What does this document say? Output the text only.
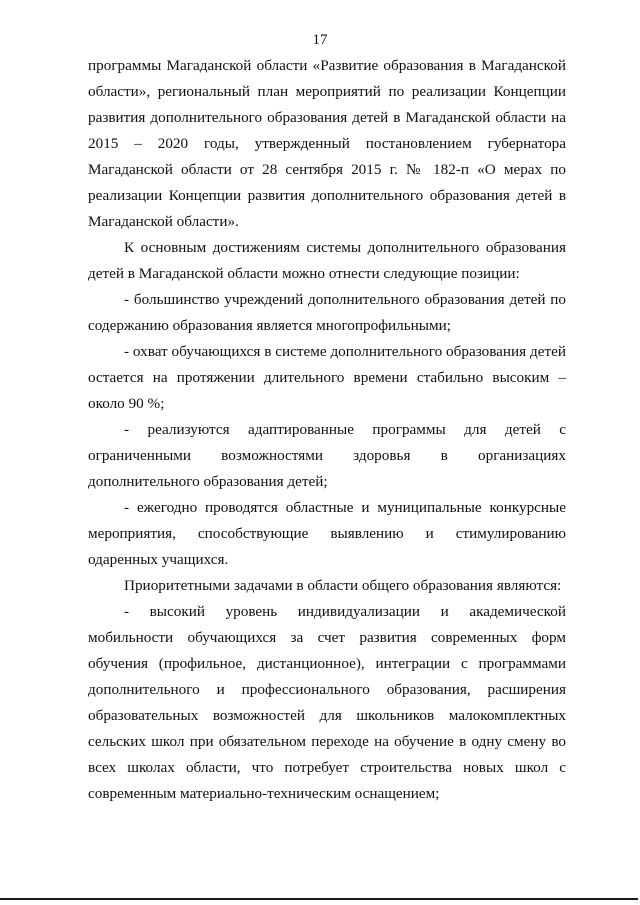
17

программы Магаданской области «Развитие образования в Магаданской области», региональный план мероприятий по реализации Концепции развития дополнительного образования детей в Магаданской области на 2015 – 2020 годы, утвержденный постановлением губернатора Магаданской области от 28 сентября 2015 г. № 182-п «О мерах по реализации Концепции развития дополнительного образования детей в Магаданской области».

К основным достижениям системы дополнительного образования детей в Магаданской области можно отнести следующие позиции:

- большинство учреждений дополнительного образования детей по содержанию образования является многопрофильными;

- охват обучающихся в системе дополнительного образования детей остается на протяжении длительного времени стабильно высоким – около 90 %;

- реализуются адаптированные программы для детей с ограниченными возможностями здоровья в организациях дополнительного образования детей;

- ежегодно проводятся областные и муниципальные конкурсные мероприятия, способствующие выявлению и стимулированию одаренных учащихся.

Приоритетными задачами в области общего образования являются:

- высокий уровень индивидуализации и академической мобильности обучающихся за счет развития современных форм обучения (профильное, дистанционное), интеграции с программами дополнительного и профессионального образования, расширения образовательных возможностей для школьников малокомплектных сельских школ при обязательном переходе на обучение в одну смену во всех школах области, что потребует строительства новых школ с современным материально-техническим оснащением;
